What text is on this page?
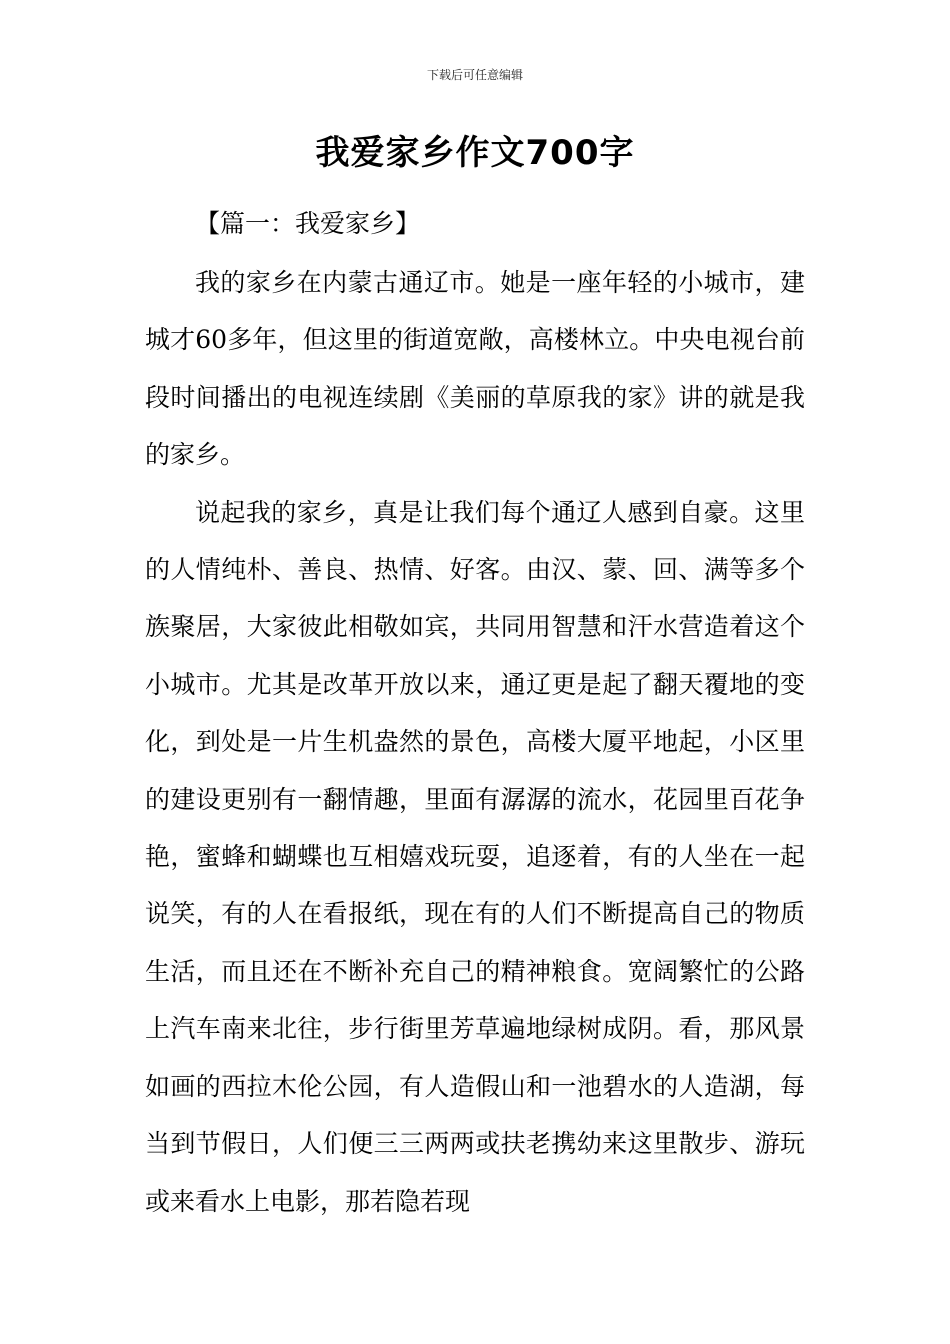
下载后可任意编辑
我爱家乡作文700字
【篇一：我爱家乡】

我的家乡在内蒙古通辽市。她是一座年轻的小城市，建城才60多年，但这里的街道宽敞，高楼林立。中央电视台前段时间播出的电视连续剧《美丽的草原我的家》讲的就是我的家乡。

说起我的家乡，真是让我们每个通辽人感到自豪。这里的人情纯朴、善良、热情、好客。由汉、蒙、回、满等多个族聚居，大家彼此相敬如宾，共同用智慧和汗水营造着这个小城市。尤其是改革开放以来，通辽更是起了翻天覆地的变化，到处是一片生机盎然的景色，高楼大厦平地起，小区里的建设更别有一翻情趣，里面有潺潺的流水，花园里百花争艳，蜜蜂和蝴蝶也互相嬉戏玩耍，追逐着，有的人坐在一起说笑，有的人在看报纸，现在有的人们不断提高自己的物质生活，而且还在不断补充自己的精神粮食。宽阔繁忙的公路上汽车南来北往，步行街里芳草遍地绿树成阴。看，那风景如画的西拉木伦公园，有人造假山和一池碧水的人造湖，每当到节假日，人们便三三两两或扶老携幼来这里散步、游玩或来看水上电影，那若隐若现
